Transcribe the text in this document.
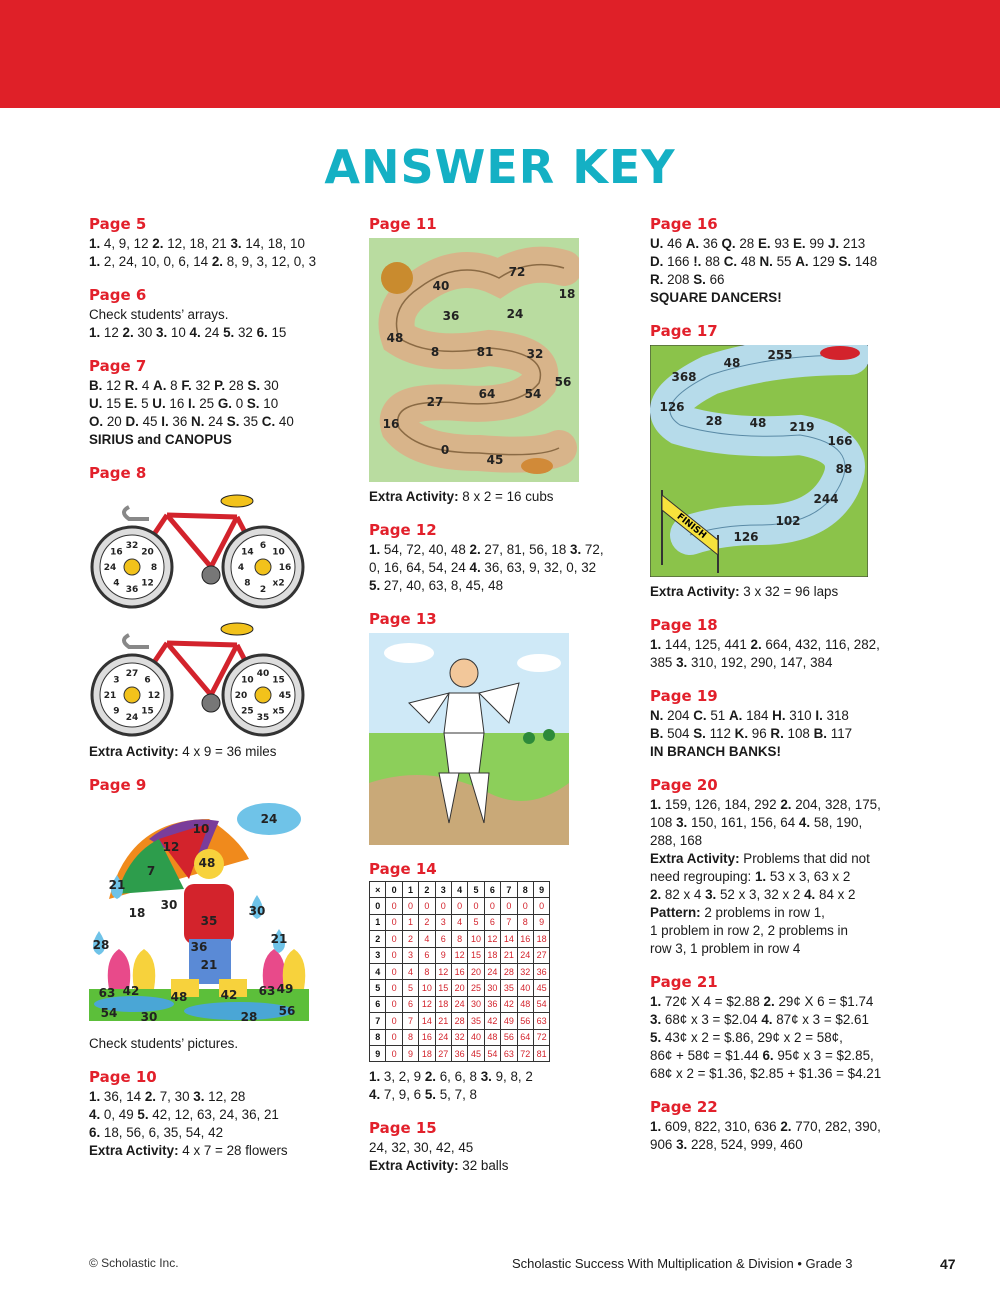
ANSWER KEY
Page 5
1. 4, 9, 12 2. 12, 18, 21 3. 14, 18, 10
1. 2, 24, 10, 0, 6, 14 2. 8, 9, 3, 12, 0, 3
Page 6
Check students’ arrays.
1. 12 2. 30 3. 10 4. 24 5. 32 6. 15
Page 7
B. 12 R. 4 A. 8 F. 32 P. 28 S. 30
U. 15 E. 5 U. 16 I. 25 G. 0 S. 10
O. 20 D. 45 I. 36 N. 24 S. 35 C. 40
SIRIUS and CANOPUS
Page 8
32
20
8
12
36
4
24
16
6
10
16
x2
2
8
4
14
27
6
12
15
24
9
21
3
40
15
45
x5
35
25
20
10
Extra Activity: 4 x 9 = 36 miles
Page 9
24
10
12
7
21
48
18
30	30
21
28
35
36
63 42
21
63 49
54
48	42
56
30	28
Check students’ pictures.
Page 10
1. 36, 14 2. 7, 30 3. 12, 28
4. 0, 49 5. 42, 12, 63, 24, 36, 21
6. 18, 56, 6, 35, 54, 42
Extra Activity: 4 x 7 = 28 flowers
Page 11
72
40
18
36	24
48
8	81	32
56
27
64 54
16
0
45
Extra Activity: 8 x 2 = 16 cubs
Page 12
1. 54, 72, 40, 48 2. 27, 81, 56, 18 3. 72,
0, 16, 64, 54, 24 4. 36, 63, 9, 32, 0, 32
5. 27, 40, 63, 8, 45, 48
Page 13
Page 14
×	0	1	2	3	4	5	6	7	8	9
0	0	0	0	0	0	0	0	0	0	0
1	0	1	2	3	4	5	6	7	8	9
2	0	2	4	6	8	10	12	14	16	18
3	0	3	6	9	12	15	18	21	24	27
4	0	4	8	12	16	20	24	28	32	36
5	0	5	10	15	20	25	30	35	40	45
6	0	6	12	18	24	30	36	42	48	54
7	0	7	14	21	28	35	42	49	56	63
8	0	8	16	24	32	40	48	56	64	72
9	0	9	18	27	36	45	54	63	72	81
1. 3, 2, 9 2. 6, 6, 8 3. 9, 8, 2
4. 7, 9, 6 5. 5, 7, 8
Page 15
24, 32, 30, 42, 45
Extra Activity: 32 balls
Page 16
U. 46 A. 36 Q. 28 E. 93 E. 99 J. 213
D. 166 !. 88 C. 48 N. 55 A. 129 S. 148
R. 208 S. 66
SQUARE DANCERS!
Page 17
FINISH
255
48
368
126
28 48 219
166
88
244
102
126
Extra Activity: 3 x 32 = 96 laps
Page 18
1. 144, 125, 441 2. 664, 432, 116, 282,
385 3. 310, 192, 290, 147, 384
Page 19
N. 204 C. 51 A. 184 H. 310 I. 318
B. 504 S. 112 K. 96 R. 108 B. 117
IN BRANCH BANKS!
Page 20
1. 159, 126, 184, 292 2. 204, 328, 175,
108 3. 150, 161, 156, 64 4. 58, 190,
288, 168
Extra Activity: Problems that did not
need regrouping: 1. 53 x 3, 63 x 2
2. 82 x 4 3. 52 x 3, 32 x 2 4. 84 x 2
Pattern: 2 problems in row 1,
1 problem in row 2, 2 problems in
row 3, 1 problem in row 4
Page 21
1. 72¢ X 4 = $2.88 2. 29¢ X 6 = $1.74
3. 68¢ x 3 = $2.04 4. 87¢ x 3 = $2.61
5. 43¢ x 2 = $.86, 29¢ x 2 = 58¢,
86¢ + 58¢ = $1.44 6. 95¢ x 3 = $2.85,
68¢ x 2 = $1.36, $2.85 + $1.36 = $4.21
Page 22
1. 609, 822, 310, 636 2. 770, 282, 390,
906 3. 228, 524, 999, 460
© Scholastic Inc.	Scholastic Success With Multiplication & Division • Grade 3	47
